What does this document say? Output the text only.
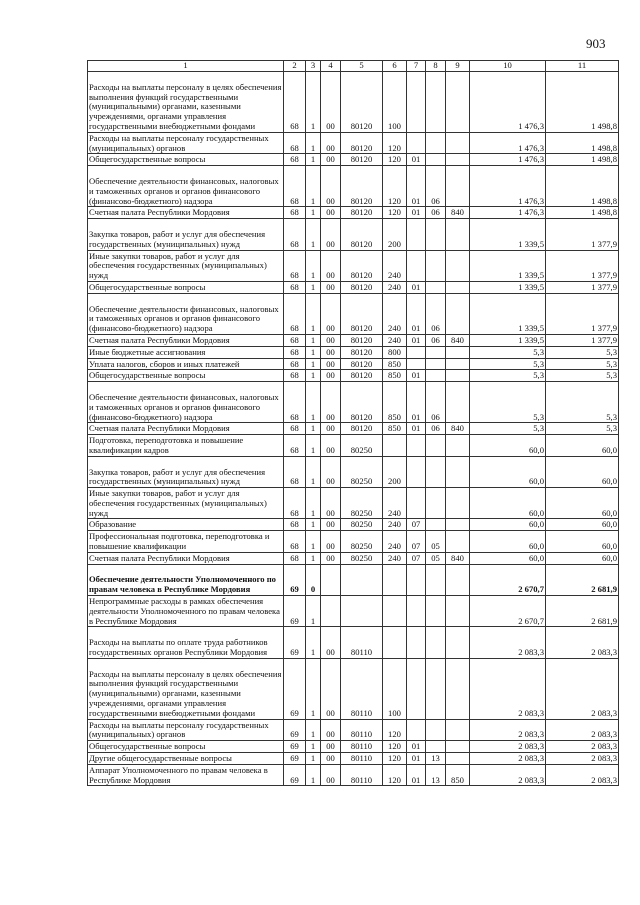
903
1	2	3	4	5	6	7	8	9	10	11
Расходы на выплаты персоналу в целях обеспечения выполнения функций государственными (муниципальными) органами, казенными учреждениями, органами управления государственными внебюджетными фондами	68	1	00	80120	100				1 476,3	1 498,8
Расходы на выплаты персоналу государственных (муниципальных) органов	68	1	00	80120	120				1 476,3	1 498,8
Общегосударственные вопросы	68	1	00	80120	120	01			1 476,3	1 498,8
Обеспечение деятельности финансовых, налоговых и таможенных органов и органов финансового (финансово-бюджетного) надзора	68	1	00	80120	120	01	06		1 476,3	1 498,8
Счетная палата Республики Мордовия	68	1	00	80120	120	01	06	840	1 476,3	1 498,8
Закупка товаров, работ и услуг для обеспечения государственных (муниципальных) нужд	68	1	00	80120	200				1 339,5	1 377,9
Иные закупки товаров, работ и услуг для обеспечения государственных (муниципальных) нужд	68	1	00	80120	240				1 339,5	1 377,9
Общегосударственные вопросы	68	1	00	80120	240	01			1 339,5	1 377,9
Обеспечение деятельности финансовых, налоговых и таможенных органов и органов финансового (финансово-бюджетного) надзора	68	1	00	80120	240	01	06		1 339,5	1 377,9
Счетная палата Республики Мордовия	68	1	00	80120	240	01	06	840	1 339,5	1 377,9
Иные бюджетные ассигнования	68	1	00	80120	800				5,3	5,3
Уплата налогов, сборов и иных платежей	68	1	00	80120	850				5,3	5,3
Общегосударственные вопросы	68	1	00	80120	850	01			5,3	5,3
Обеспечение деятельности финансовых, налоговых и таможенных органов и органов финансового (финансово-бюджетного) надзора	68	1	00	80120	850	01	06		5,3	5,3
Счетная палата Республики Мордовия	68	1	00	80120	850	01	06	840	5,3	5,3
Подготовка, переподготовка и повышение квалификации кадров	68	1	00	80250					60,0	60,0
Закупка товаров, работ и услуг для обеспечения государственных (муниципальных) нужд	68	1	00	80250	200				60,0	60,0
Иные закупки товаров, работ и услуг для обеспечения государственных (муниципальных) нужд	68	1	00	80250	240				60,0	60,0
Образование	68	1	00	80250	240	07			60,0	60,0
Профессиональная подготовка, переподготовка и повышение квалификации	68	1	00	80250	240	07	05		60,0	60,0
Счетная палата Республики Мордовия	68	1	00	80250	240	07	05	840	60,0	60,0
Обеспечение деятельности Уполномоченного по правам человека в Республике Мордовия	69	0							2 670,7	2 681,9
Непрограммные расходы в рамках обеспечения деятельности Уполномоченного по правам человека в Республике Мордовия	69	1							2 670,7	2 681,9
Расходы на выплаты по оплате труда работников государственных органов Республики Мордовия	69	1	00	80110					2 083,3	2 083,3
Расходы на выплаты персоналу в целях обеспечения выполнения функций государственными (муниципальными) органами, казенными учреждениями, органами управления государственными внебюджетными фондами	69	1	00	80110	100				2 083,3	2 083,3
Расходы на выплаты персоналу государственных (муниципальных) органов	69	1	00	80110	120				2 083,3	2 083,3
Общегосударственные вопросы	69	1	00	80110	120	01			2 083,3	2 083,3
Другие общегосударственные вопросы	69	1	00	80110	120	01	13		2 083,3	2 083,3
Аппарат Уполномоченного по правам человека в Республике Мордовия	69	1	00	80110	120	01	13	850	2 083,3	2 083,3
